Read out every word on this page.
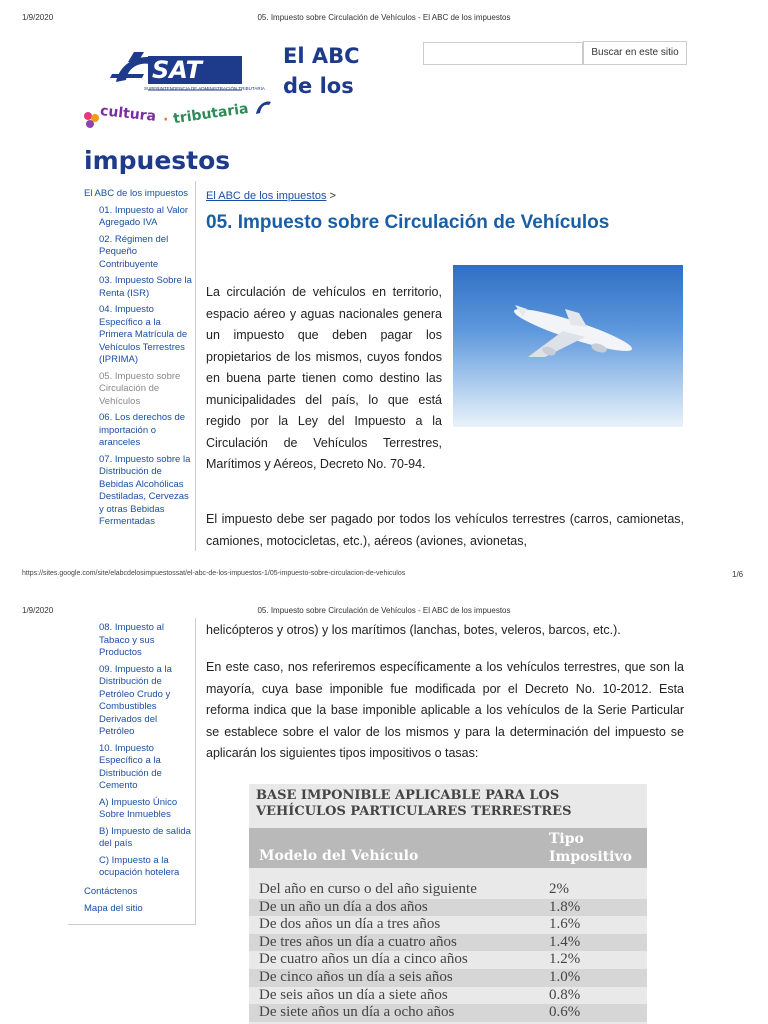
1/9/2020	05. Impuesto sobre Circulación de Vehículos - El ABC de los impuestos
SAT
SUPERINTENDENCIA DE ADMINISTRACIÓN TRIBUTARIA
cultura · tributaria
El ABC
de los
impuestos
Buscar en este sitio
El ABC de los impuestos
01. Impuesto al Valor Agregado IVA
02. Régimen del Pequeño Contribuyente
03. Impuesto Sobre la Renta (ISR)
04. Impuesto Específico a la Primera Matrícula de Vehículos Terrestres (IPRIMA)
05. Impuesto sobre Circulación de Vehículos
06. Los derechos de importación o aranceles
07. Impuesto sobre la Distribución de Bebidas Alcohólicas Destiladas, Cervezas y otras Bebidas Fermentadas
El ABC de los impuestos >
05. Impuesto sobre Circulación de Vehículos
La circulación de vehículos en territorio, espacio aéreo y aguas nacionales genera un impuesto que deben pagar los propietarios de los mismos, cuyos fondos en buena parte tienen como destino las municipalidades del país, lo que está regido por la Ley del Impuesto a la Circulación de Vehículos Terrestres, Marítimos y Aéreos, Decreto No. 70-94.
El impuesto debe ser pagado por todos los vehículos terrestres (carros, camionetas, camiones, motocicletas, etc.), aéreos (aviones, avionetas,
https://sites.google.com/site/elabcdelosimpuestossat/el-abc-de-los-impuestos-1/05-impuesto-sobre-circulacion-de-vehiculos	1/6
1/9/2020	05. Impuesto sobre Circulación de Vehículos - El ABC de los impuestos
08. Impuesto al Tabaco y sus Productos
09. Impuesto a la Distribución de Petróleo Crudo y Combustibles Derivados del Petróleo
10. Impuesto Específico a la Distribución de Cemento
A) Impuesto Único Sobre Inmuebles
B) Impuesto de salida del país
C) Impuesto a la ocupación hotelera
Contáctenos
Mapa del sitio
helicópteros y otros) y los marítimos (lanchas, botes, veleros, barcos, etc.).
En este caso, nos referiremos específicamente a los vehículos terrestres, que son la mayoría, cuya base imponible fue modificada por el Decreto No. 10-2012. Esta reforma indica que la base imponible aplicable a los vehículos de la Serie Particular se establece sobre el valor de los mismos y para la determinación del impuesto se aplicarán los siguientes tipos impositivos o tasas:
BASE IMPONIBLE APLICABLE PARA LOS
VEHÍCULOS PARTICULARES TERRESTRES
Modelo del Vehículo
Tipo
Impositivo
Del año en curso o del año siguiente	2%
De un año un día a dos años	1.8%
De dos años un día a tres años	1.6%
De tres años un día a cuatro años	1.4%
De cuatro años un día a cinco años	1.2%
De cinco años un día a seis años	1.0%
De seis años un día a siete años	0.8%
De siete años un día a ocho años	0.6%
